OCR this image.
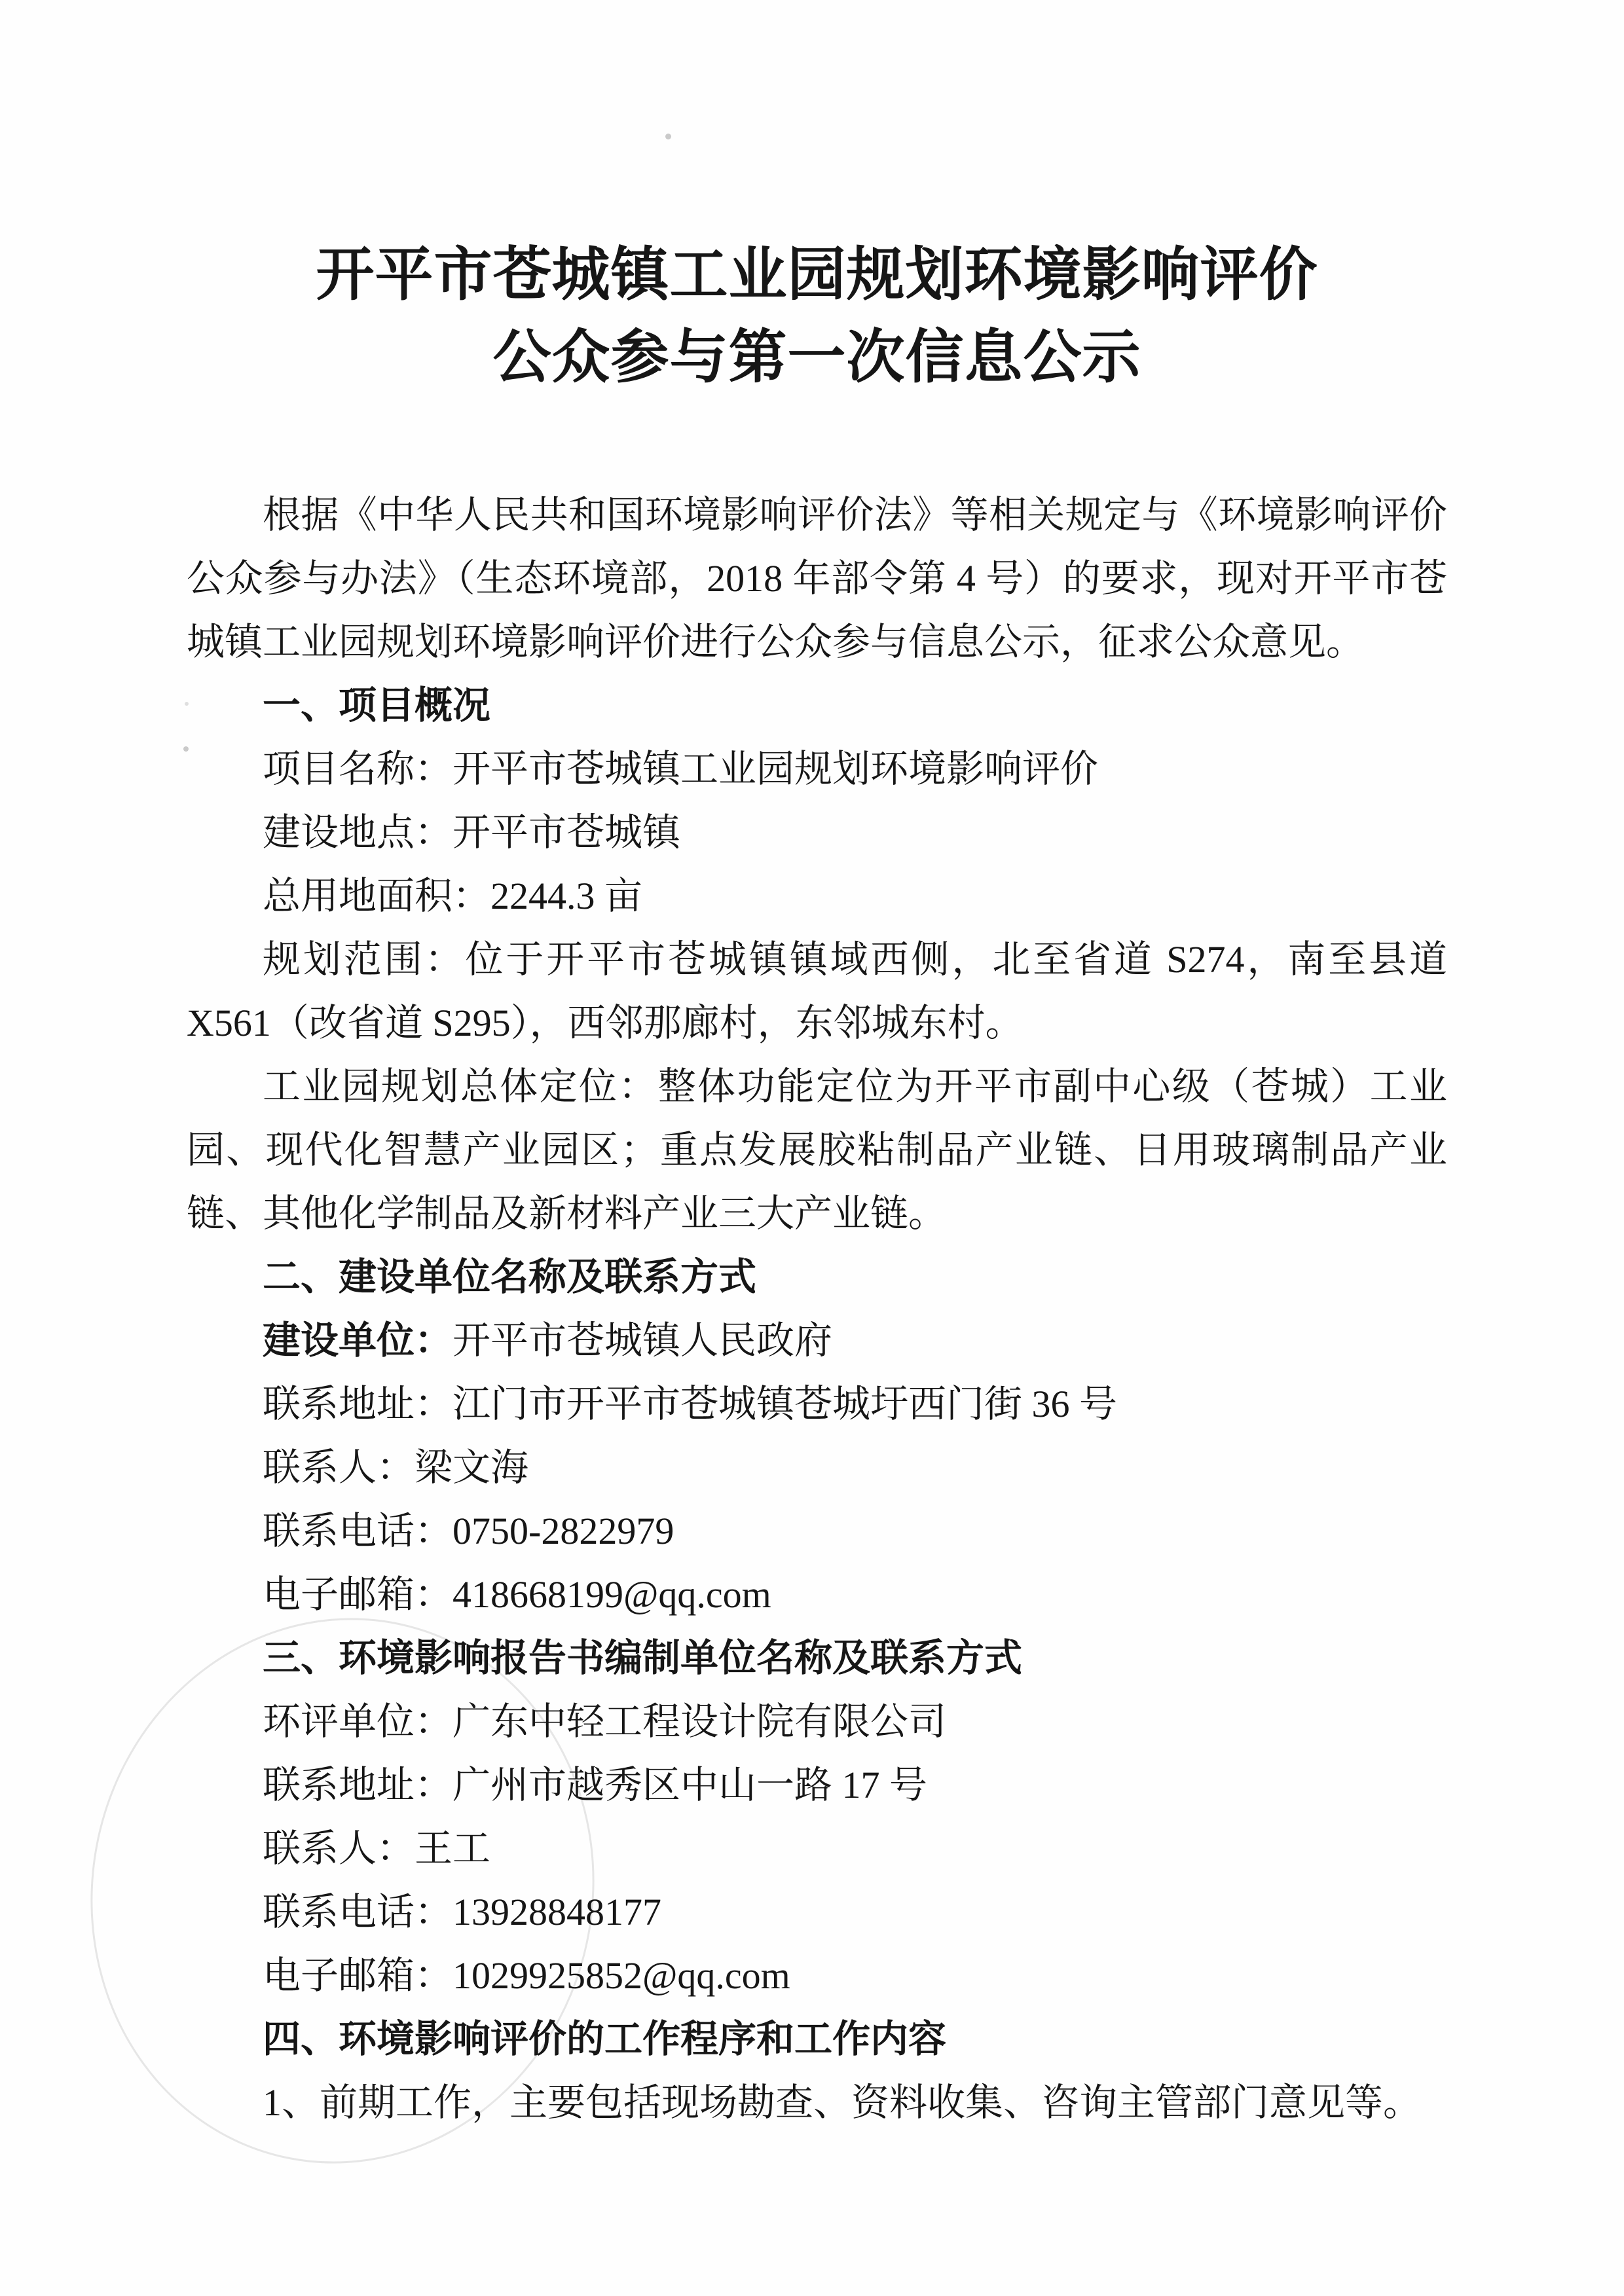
开平市苍城镇工业园规划环境影响评价
公众参与第一次信息公示

根据《中华人民共和国环境影响评价法》等相关规定与《环境影响评价公众参与办法》（生态环境部，2018 年部令第 4 号）的要求，现对开平市苍城镇工业园规划环境影响评价进行公众参与信息公示，征求公众意见。

一、项目概况

项目名称：开平市苍城镇工业园规划环境影响评价

建设地点：开平市苍城镇

总用地面积：2244.3 亩

规划范围：位于开平市苍城镇镇域西侧，北至省道 S274，南至县道 X561（改省道 S295），西邻那廊村，东邻城东村。

工业园规划总体定位：整体功能定位为开平市副中心级（苍城）工业园、现代化智慧产业园区；重点发展胶粘制品产业链、日用玻璃制品产业链、其他化学制品及新材料产业三大产业链。

二、建设单位名称及联系方式

建设单位：开平市苍城镇人民政府

联系地址：江门市开平市苍城镇苍城圩西门街 36 号

联系人：梁文海

联系电话：0750-2822979

电子邮箱：418668199@qq.com

三、环境影响报告书编制单位名称及联系方式

环评单位：广东中轻工程设计院有限公司

联系地址：广州市越秀区中山一路 17 号

联系人：王工

联系电话：13928848177

电子邮箱：1029925852@qq.com

四、环境影响评价的工作程序和工作内容

1、前期工作，主要包括现场勘查、资料收集、咨询主管部门意见等。
